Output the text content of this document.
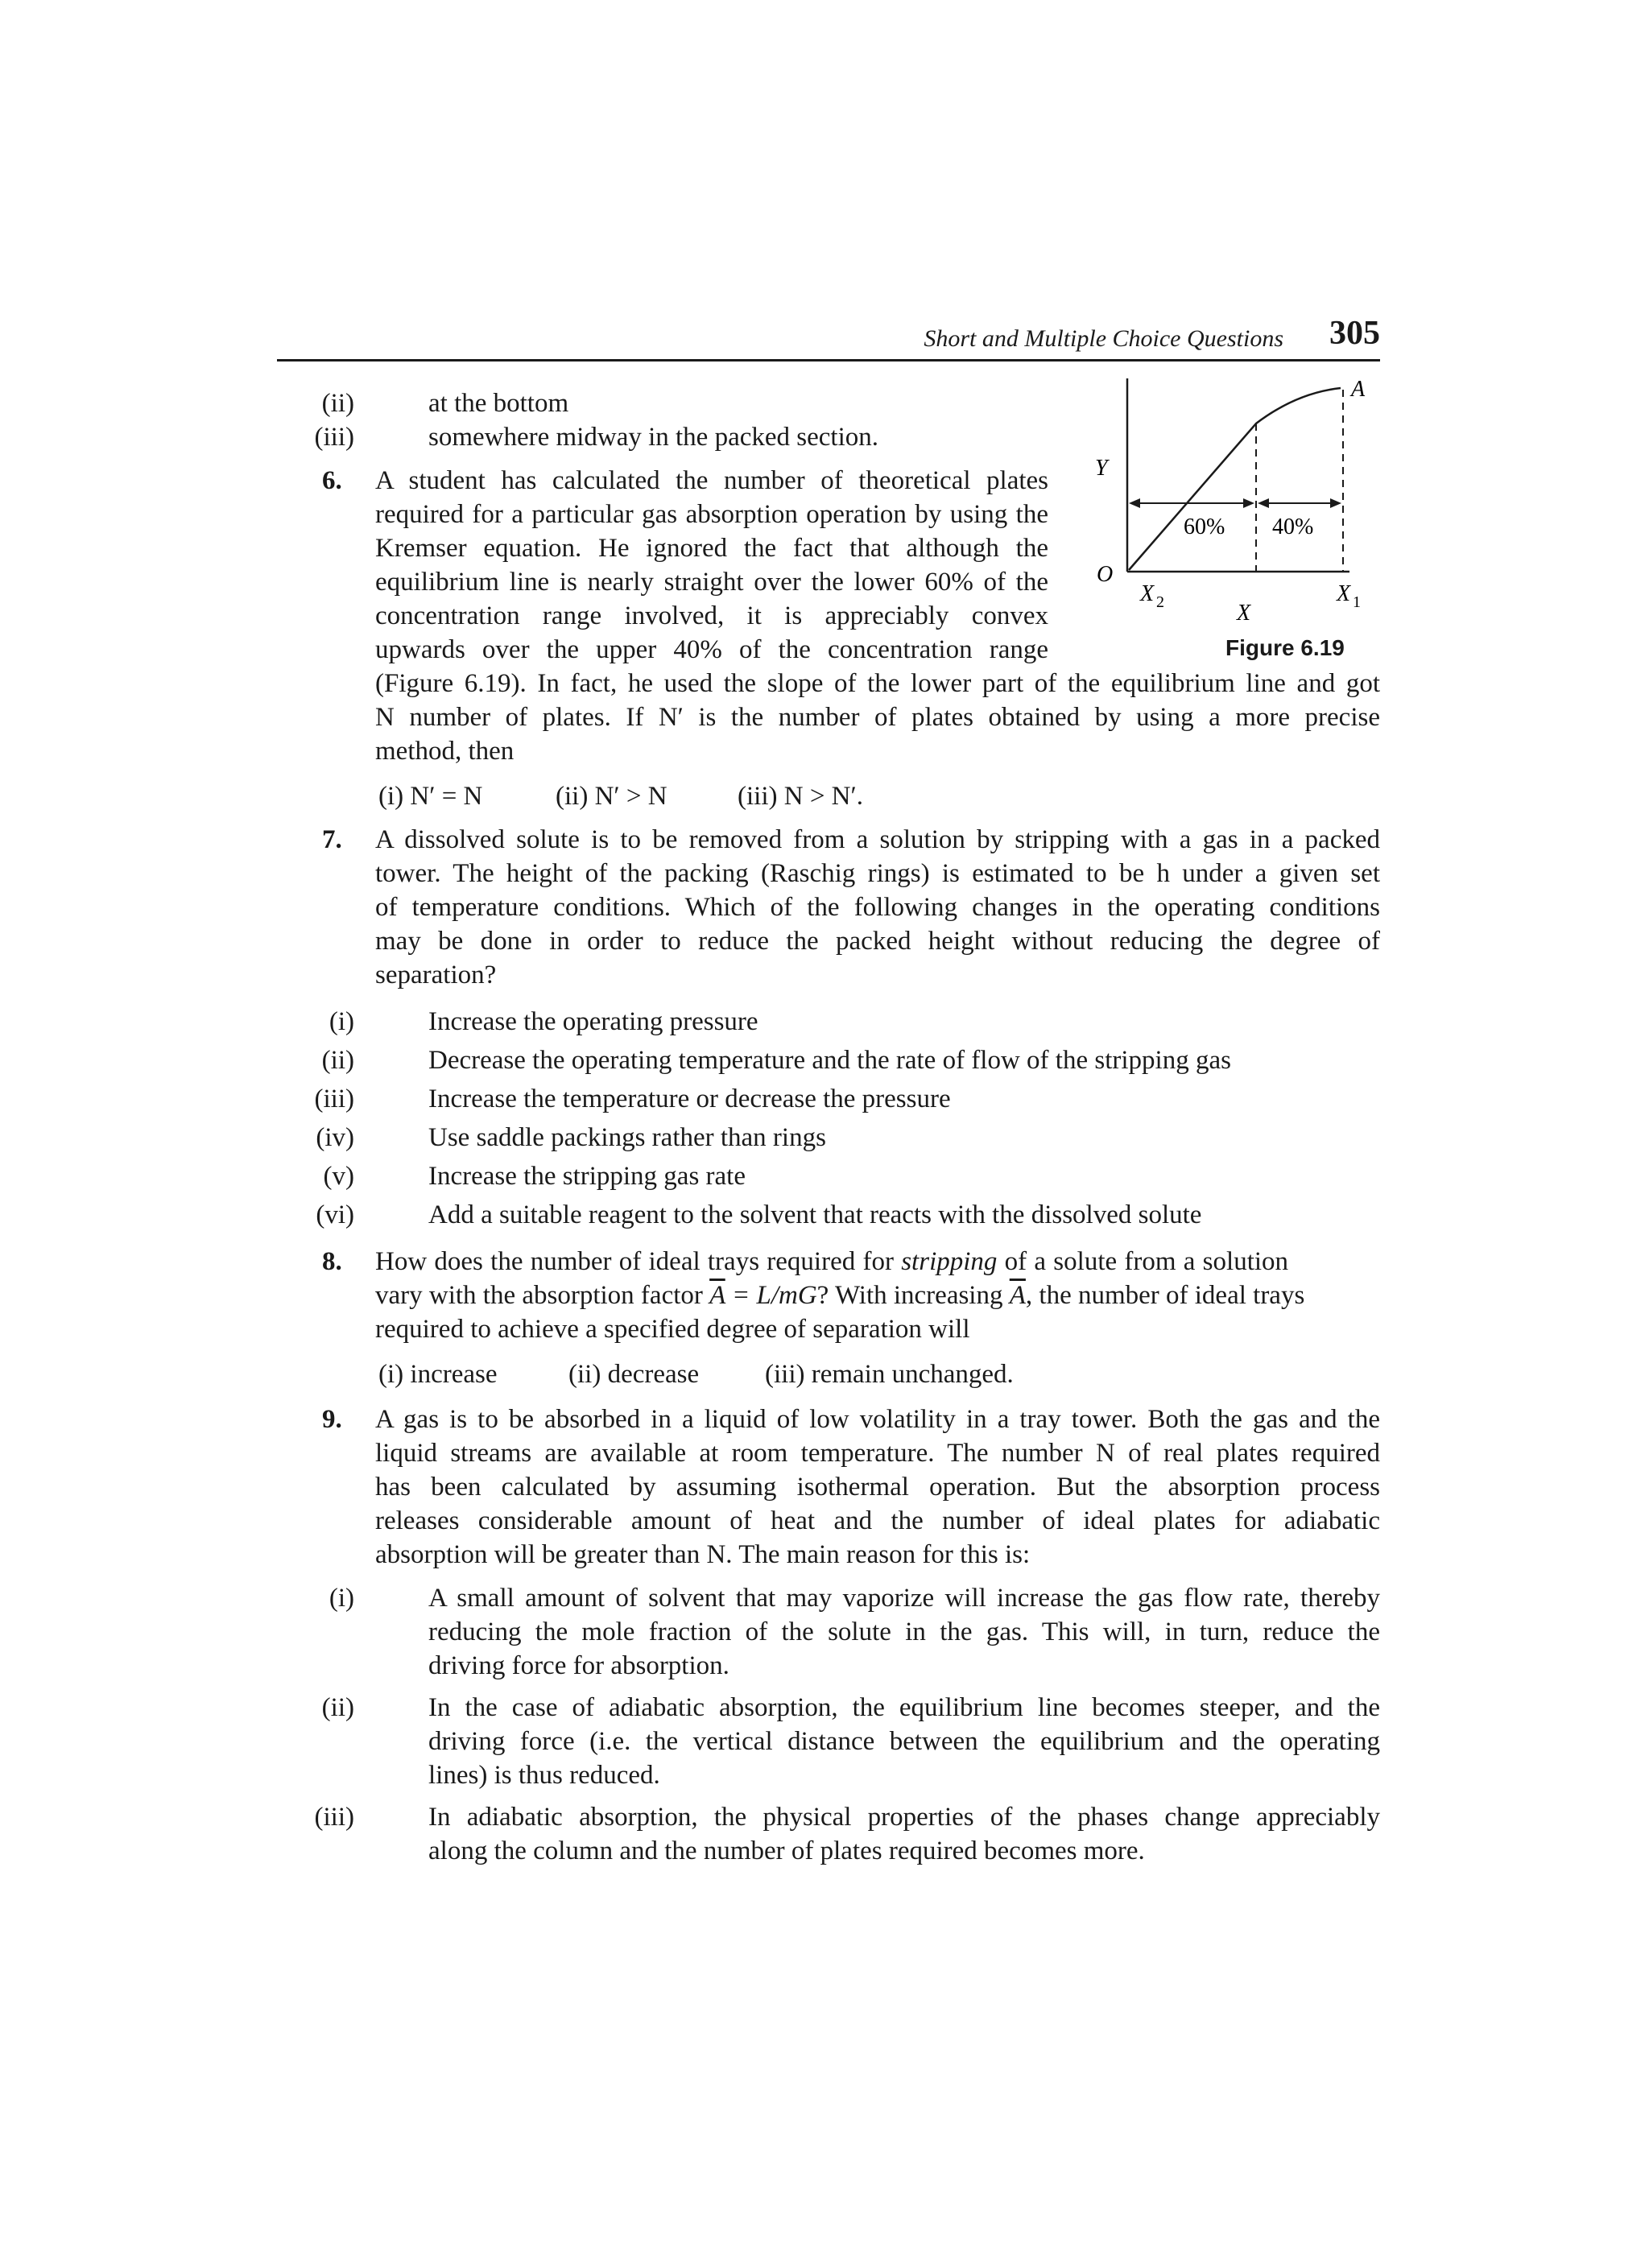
Short and Multiple Choice Questions 305
(ii)	at the bottom
(iii)	somewhere midway in the packed section.
6. A student has calculated the number of theoretical plates
required for a particular gas absorption operation by using the
Kremser equation. He ignored the fact that although the
equilibrium line is nearly straight over the lower 60% of the
concentration range involved, it is appreciably convex
upwards over the upper 40% of the concentration range
(Figure 6.19). In fact, he used the slope of the lower part of the equilibrium line and got
N number of plates. If N′ is the number of plates obtained by using a more precise
method, then
(i) N′ = N	(ii) N′ > N	(iii) N > N′.
60% 40%
Y
O
A
X 2	X 1
X
Figure 6.19
7. A dissolved solute is to be removed from a solution by stripping with a gas in a packed
tower. The height of the packing (Raschig rings) is estimated to be h under a given set
of temperature conditions. Which of the following changes in the operating conditions
may be done in order to reduce the packed height without reducing the degree of
separation?
(i)	Increase the operating pressure
(ii)	Decrease the operating temperature and the rate of flow of the stripping gas
(iii)	Increase the temperature or decrease the pressure
(iv)	Use saddle packings rather than rings
(v)	Increase the stripping gas rate
(vi)	Add a suitable reagent to the solvent that reacts with the dissolved solute
8. How does the number of ideal trays required for stripping of a solute from a solution
vary with the absorption factor $\overline{A} = L/mG$? With increasing $\overline{A}$, the number of ideal trays
required to achieve a specified degree of separation will
(i) increase	(ii) decrease (iii) remain unchanged.
9. A gas is to be absorbed in a liquid of low volatility in a tray tower. Both the gas and the
liquid streams are available at room temperature. The number N of real plates required
has been calculated by assuming isothermal operation. But the absorption process
releases considerable amount of heat and the number of ideal plates for adiabatic
absorption will be greater than N. The main reason for this is:
(i)	A small amount of solvent that may vaporize will increase the gas flow rate, thereby
reducing the mole fraction of the solute in the gas. This will, in turn, reduce the
driving force for absorption.
(ii)	In the case of adiabatic absorption, the equilibrium line becomes steeper, and the
driving force (i.e. the vertical distance between the equilibrium and the operating
lines) is thus reduced.
(iii)	In adiabatic absorption, the physical properties of the phases change appreciably
along the column and the number of plates required becomes more.
